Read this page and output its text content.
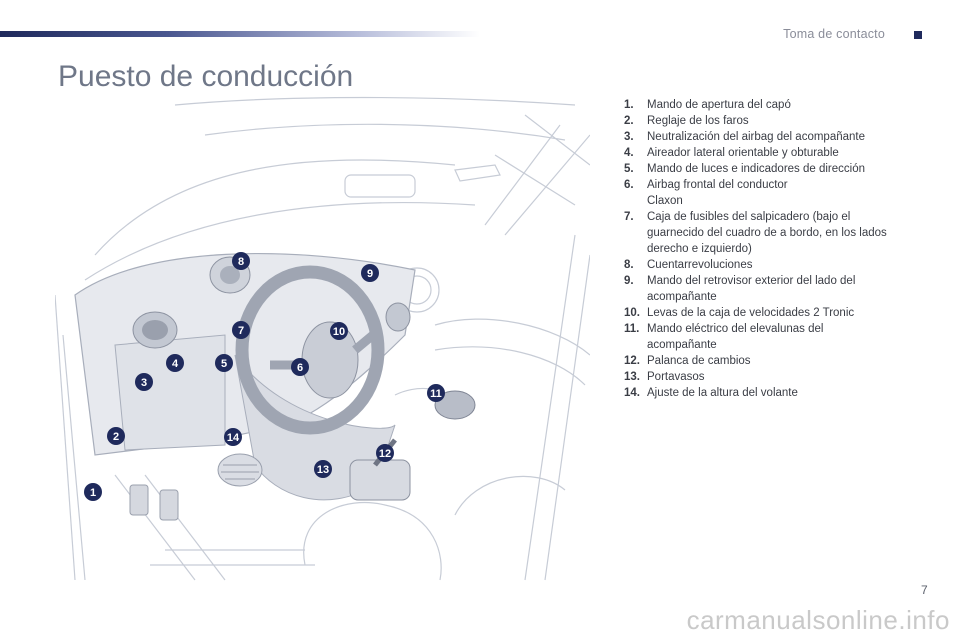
Toma de contacto
Puesto de conducción
1
2
3
4	5	6
7
8
9
10
11
12
13
14
1.	Mando de apertura del capó
2.	Reglaje de los faros
3.	Neutralización del airbag del acompañante
4.	Aireador lateral orientable y obturable
5.	Mando de luces e indicadores de dirección
6.	Airbag frontal del conductor
Claxon
7.	Caja de fusibles del salpicadero (bajo el guarnecido del cuadro de a bordo, en los lados derecho e izquierdo)
8.	Cuentarrevoluciones
9.	Mando del retrovisor exterior del lado del acompañante
10. Levas de la caja de velocidades 2 Tronic
11. Mando eléctrico del elevalunas del acompañante
12. Palanca de cambios
13. Portavasos
14. Ajuste de la altura del volante
7
carmanualsonline.info
